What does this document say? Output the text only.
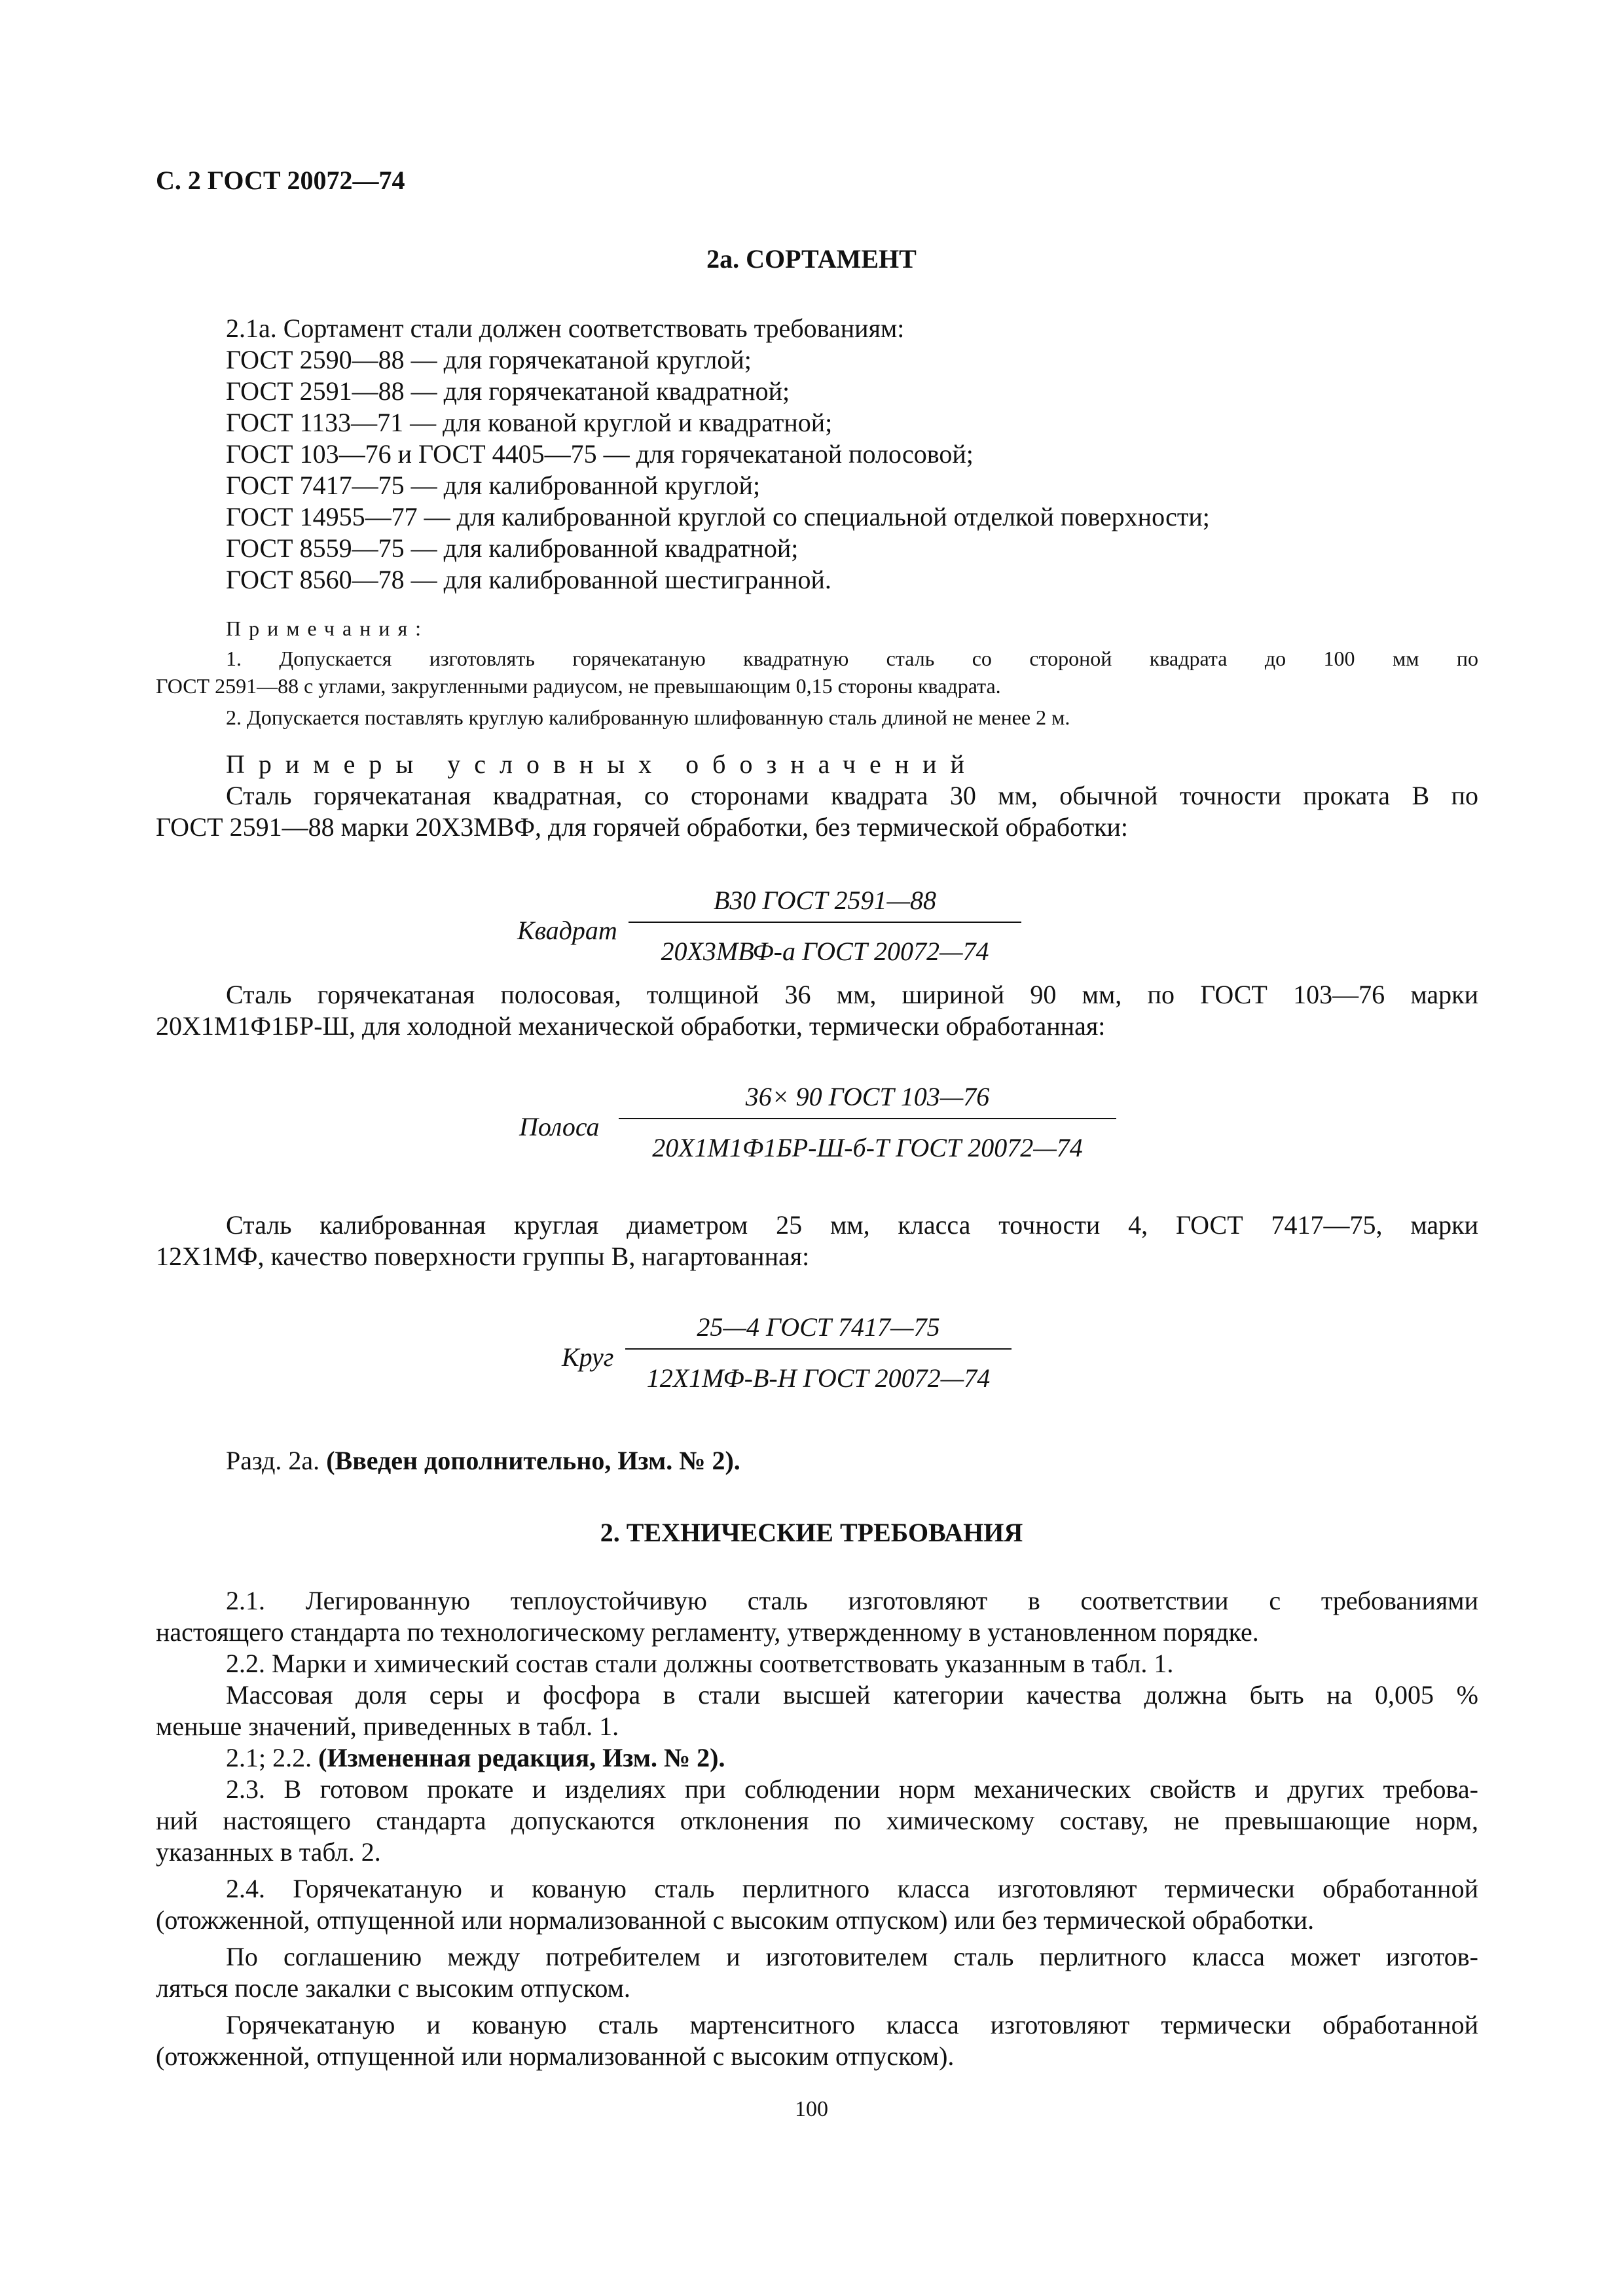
С. 2 ГОСТ 20072—74
2а. СОРТАМЕНТ
2.1а. Сортамент стали должен соответствовать требованиям:
ГОСТ 2590—88 — для горячекатаной круглой;
ГОСТ 2591—88 — для горячекатаной квадратной;
ГОСТ 1133—71 — для кованой круглой и квадратной;
ГОСТ 103—76 и ГОСТ 4405—75 — для горячекатаной полосовой;
ГОСТ 7417—75 — для калиброванной круглой;
ГОСТ 14955—77 — для калиброванной круглой со специальной отделкой поверхности;
ГОСТ 8559—75 — для калиброванной квадратной;
ГОСТ 8560—78 — для калиброванной шестигранной.
Примечания:
1. Допускается изготовлять горячекатаную квадратную сталь со стороной квадрата до 100 мм по
ГОСТ 2591—88 с углами, закругленными радиусом, не превышающим 0,15 стороны квадрата.
2. Допускается поставлять круглую калиброванную шлифованную сталь длиной не менее 2 м.
Примеры условных обозначений
Сталь горячекатаная квадратная, со сторонами квадрата 30 мм, обычной точности проката В по
ГОСТ 2591—88 марки 20Х3МВФ, для горячей обработки, без термической обработки:
Квадрат
В30 ГОСТ 2591—88
20Х3МВФ-а ГОСТ 20072—74
Сталь горячекатаная полосовая, толщиной 36 мм, шириной 90 мм, по ГОСТ 103—76 марки
20Х1М1Ф1БР-Ш, для холодной механической обработки, термически обработанная:
Полоса
36× 90 ГОСТ 103—76
20Х1М1Ф1БР-Ш-б-Т ГОСТ 20072—74
Сталь калиброванная круглая диаметром 25 мм, класса точности 4, ГОСТ 7417—75, марки
12Х1МФ, качество поверхности группы В, нагартованная:
Круг
25—4 ГОСТ 7417—75
12Х1МФ-В-Н ГОСТ 20072—74
Разд. 2а. (Введен дополнительно, Изм. № 2).
2. ТЕХНИЧЕСКИЕ ТРЕБОВАНИЯ
2.1. Легированную теплоустойчивую сталь изготовляют в соответствии с требованиями
настоящего стандарта по технологическому регламенту, утвержденному в установленном порядке.
2.2. Марки и химический состав стали должны соответствовать указанным в табл. 1.
Массовая доля серы и фосфора в стали высшей категории качества должна быть на 0,005 %
меньше значений, приведенных в табл. 1.
2.1; 2.2. (Измененная редакция, Изм. № 2).
2.3. В готовом прокате и изделиях при соблюдении норм механических свойств и других требова-
ний настоящего стандарта допускаются отклонения по химическому составу, не превышающие норм,
указанных в табл. 2.
2.4. Горячекатаную и кованую сталь перлитного класса изготовляют термически обработанной
(отожженной, отпущенной или нормализованной с высоким отпуском) или без термической обработки.
По соглашению между потребителем и изготовителем сталь перлитного класса может изготов-
ляться после закалки с высоким отпуском.
Горячекатаную и кованую сталь мартенситного класса изготовляют термически обработанной
(отожженной, отпущенной или нормализованной с высоким отпуском).
100
